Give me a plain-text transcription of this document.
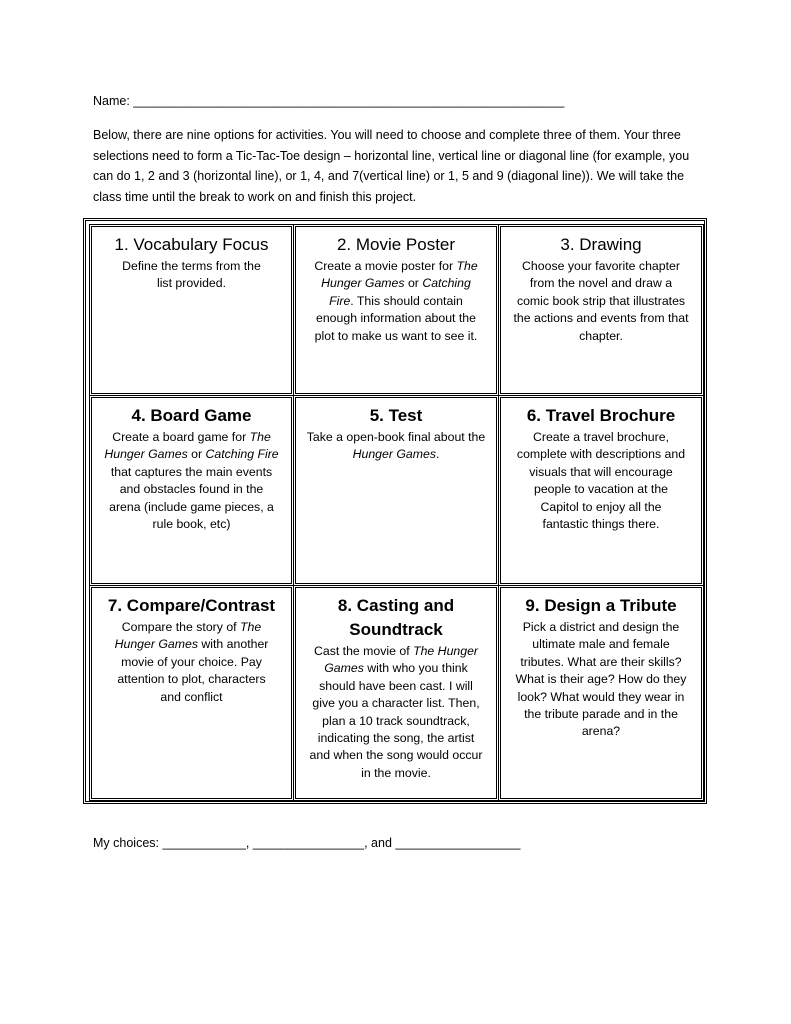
Name: ______________________________________________________________
Below, there are nine options for activities. You will need to choose and complete three of them. Your three selections need to form a Tic-Tac-Toe design – horizontal line, vertical line or diagonal line (for example, you can do 1, 2 and 3 (horizontal line), or 1, 4, and 7(vertical line) or 1, 5 and 9 (diagonal line)). We will take the class time until the break to work on and finish this project.
1. Vocabulary Focus
Define the terms from the list provided.
2. Movie Poster
Create a movie poster for The Hunger Games or Catching Fire. This should contain enough information about the plot to make us want to see it.
3. Drawing
Choose your favorite chapter from the novel and draw a comic book strip that illustrates the actions and events from that chapter.
4. Board Game
Create a board game for The Hunger Games or Catching Fire that captures the main events and obstacles found in the arena (include game pieces, a rule book, etc)
5. Test
Take a open-book final about the Hunger Games.
6. Travel Brochure
Create a travel brochure, complete with descriptions and visuals that will encourage people to vacation at the Capitol to enjoy all the fantastic things there.
7. Compare/Contrast
Compare the story of The Hunger Games with another movie of your choice. Pay attention to plot, characters and conflict
8. Casting and Soundtrack
Cast the movie of The Hunger Games with who you think should have been cast. I will give you a character list. Then, plan a 10 track soundtrack, indicating the song, the artist and when the song would occur in the movie.
9. Design a Tribute
Pick a district and design the ultimate male and female tributes. What are their skills? What is their age? How do they look? What would they wear in the tribute parade and in the arena?
My choices: ____________, ________________, and __________________
